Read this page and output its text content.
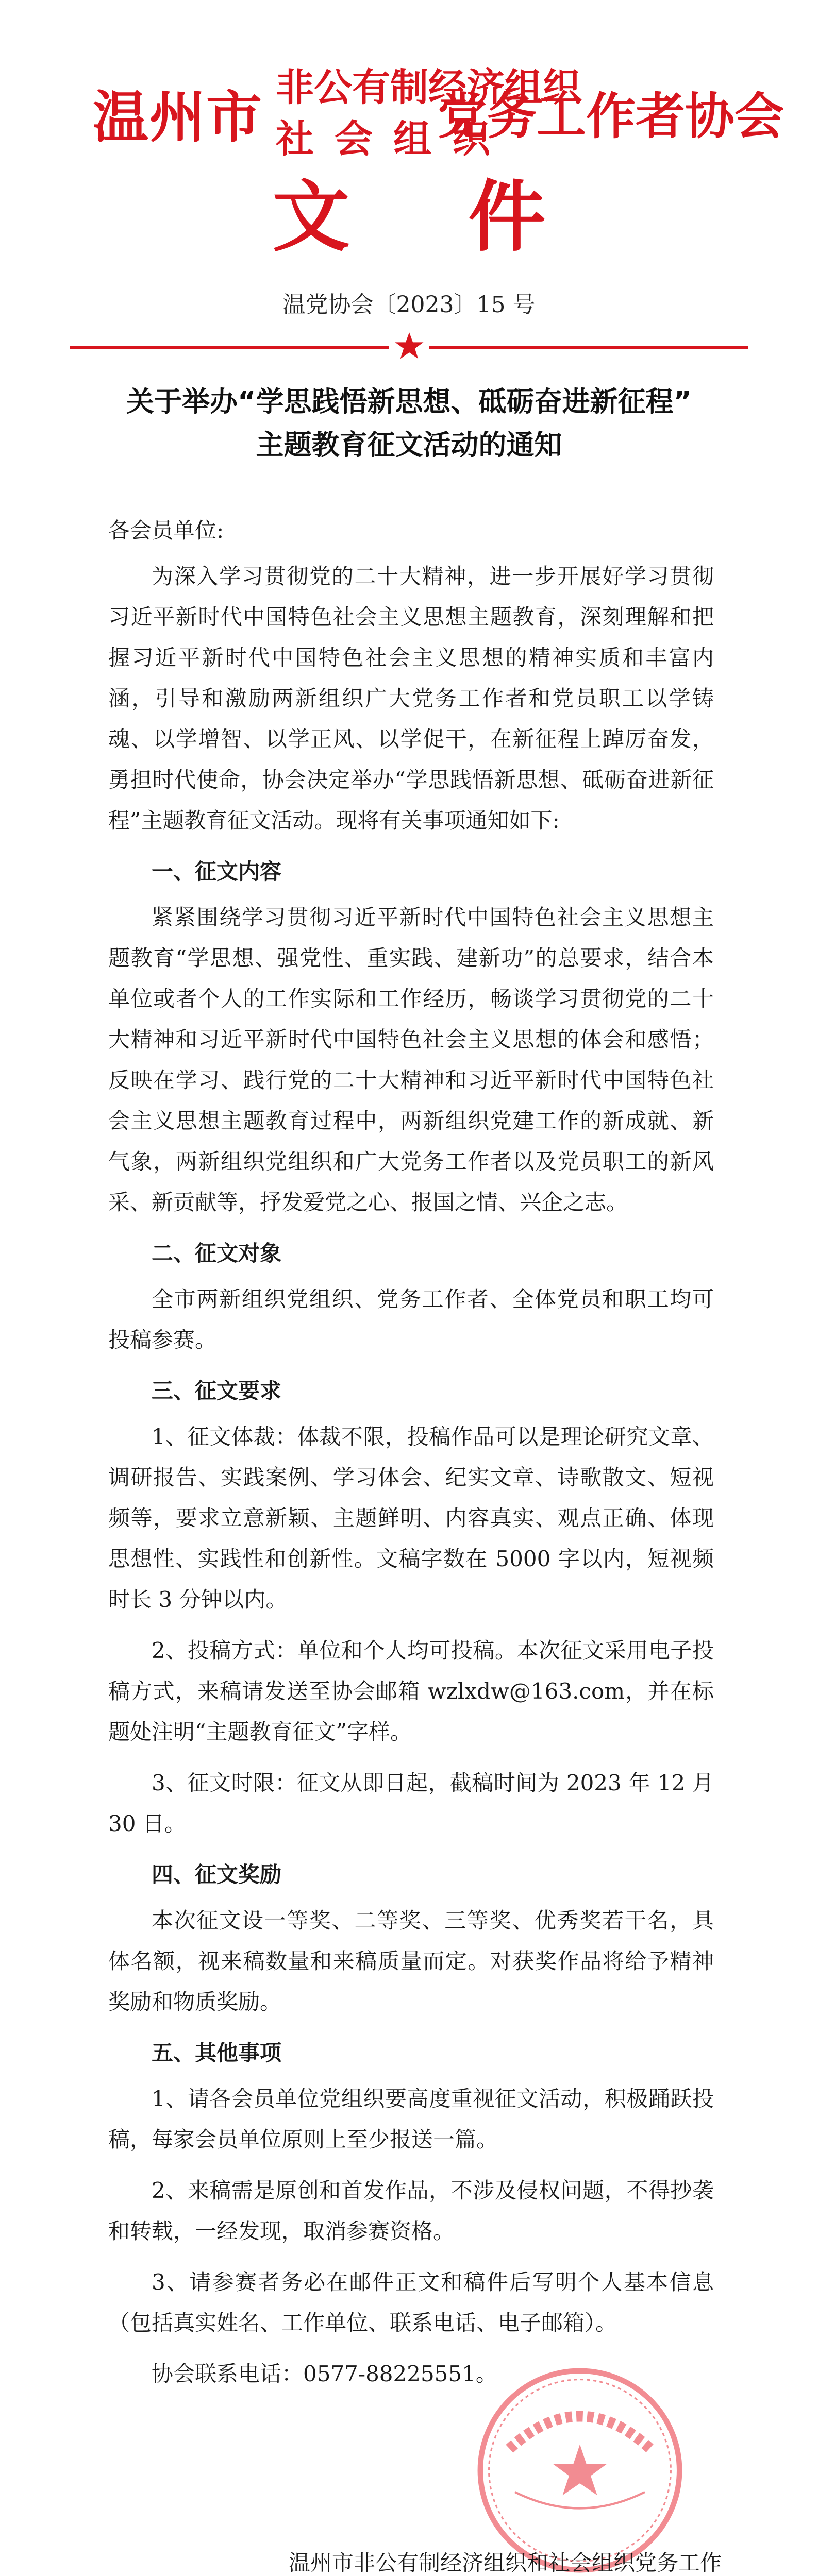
温州市 非公有制经济组织
社会组织
党务工作者协会
文件
温党协会〔2023〕15 号
关于举办“学思践悟新思想、砥砺奋进新征程”
主题教育征文活动的通知

各会员单位:

为深入学习贯彻党的二十大精神，进一步开展好学习贯彻习近平新时代中国特色社会主义思想主题教育，深刻理解和把握习近平新时代中国特色社会主义思想的精神实质和丰富内涵，引导和激励两新组织广大党务工作者和党员职工以学铸魂、以学增智、以学正风、以学促干，在新征程上踔厉奋发，勇担时代使命，协会决定举办“学思践悟新思想、砥砺奋进新征程”主题教育征文活动。现将有关事项通知如下:

一、征文内容

紧紧围绕学习贯彻习近平新时代中国特色社会主义思想主题教育“学思想、强党性、重实践、建新功”的总要求，结合本单位或者个人的工作实际和工作经历，畅谈学习贯彻党的二十大精神和习近平新时代中国特色社会主义思想的体会和感悟；反映在学习、践行党的二十大精神和习近平新时代中国特色社会主义思想主题教育过程中，两新组织党建工作的新成就、新气象，两新组织党组织和广大党务工作者以及党员职工的新风采、新贡献等，抒发爱党之心、报国之情、兴企之志。

二、征文对象

全市两新组织党组织、党务工作者、全体党员和职工均可投稿参赛。

三、征文要求

1、征文体裁：体裁不限，投稿作品可以是理论研究文章、调研报告、实践案例、学习体会、纪实文章、诗歌散文、短视频等，要求立意新颖、主题鲜明、内容真实、观点正确、体现思想性、实践性和创新性。文稿字数在 5000 字以内，短视频时长 3 分钟以内。

2、投稿方式：单位和个人均可投稿。本次征文采用电子投稿方式，来稿请发送至协会邮箱 wzlxdw@163.com，并在标题处注明“主题教育征文”字样。

3、征文时限：征文从即日起，截稿时间为 2023 年 12 月 30 日。

四、征文奖励

本次征文设一等奖、二等奖、三等奖、优秀奖若干名，具体名额，视来稿数量和来稿质量而定。对获奖作品将给予精神奖励和物质奖励。

五、其他事项

1、请各会员单位党组织要高度重视征文活动，积极踊跃投稿，每家会员单位原则上至少报送一篇。

2、来稿需是原创和首发作品，不涉及侵权问题，不得抄袭和转载，一经发现，取消参赛资格。

3、请参赛者务必在邮件正文和稿件后写明个人基本信息（包括真实姓名、工作单位、联系电话、电子邮箱）。

协会联系电话：0577-88225551。

温州市非公有制经济组织和社会组织党务工作
